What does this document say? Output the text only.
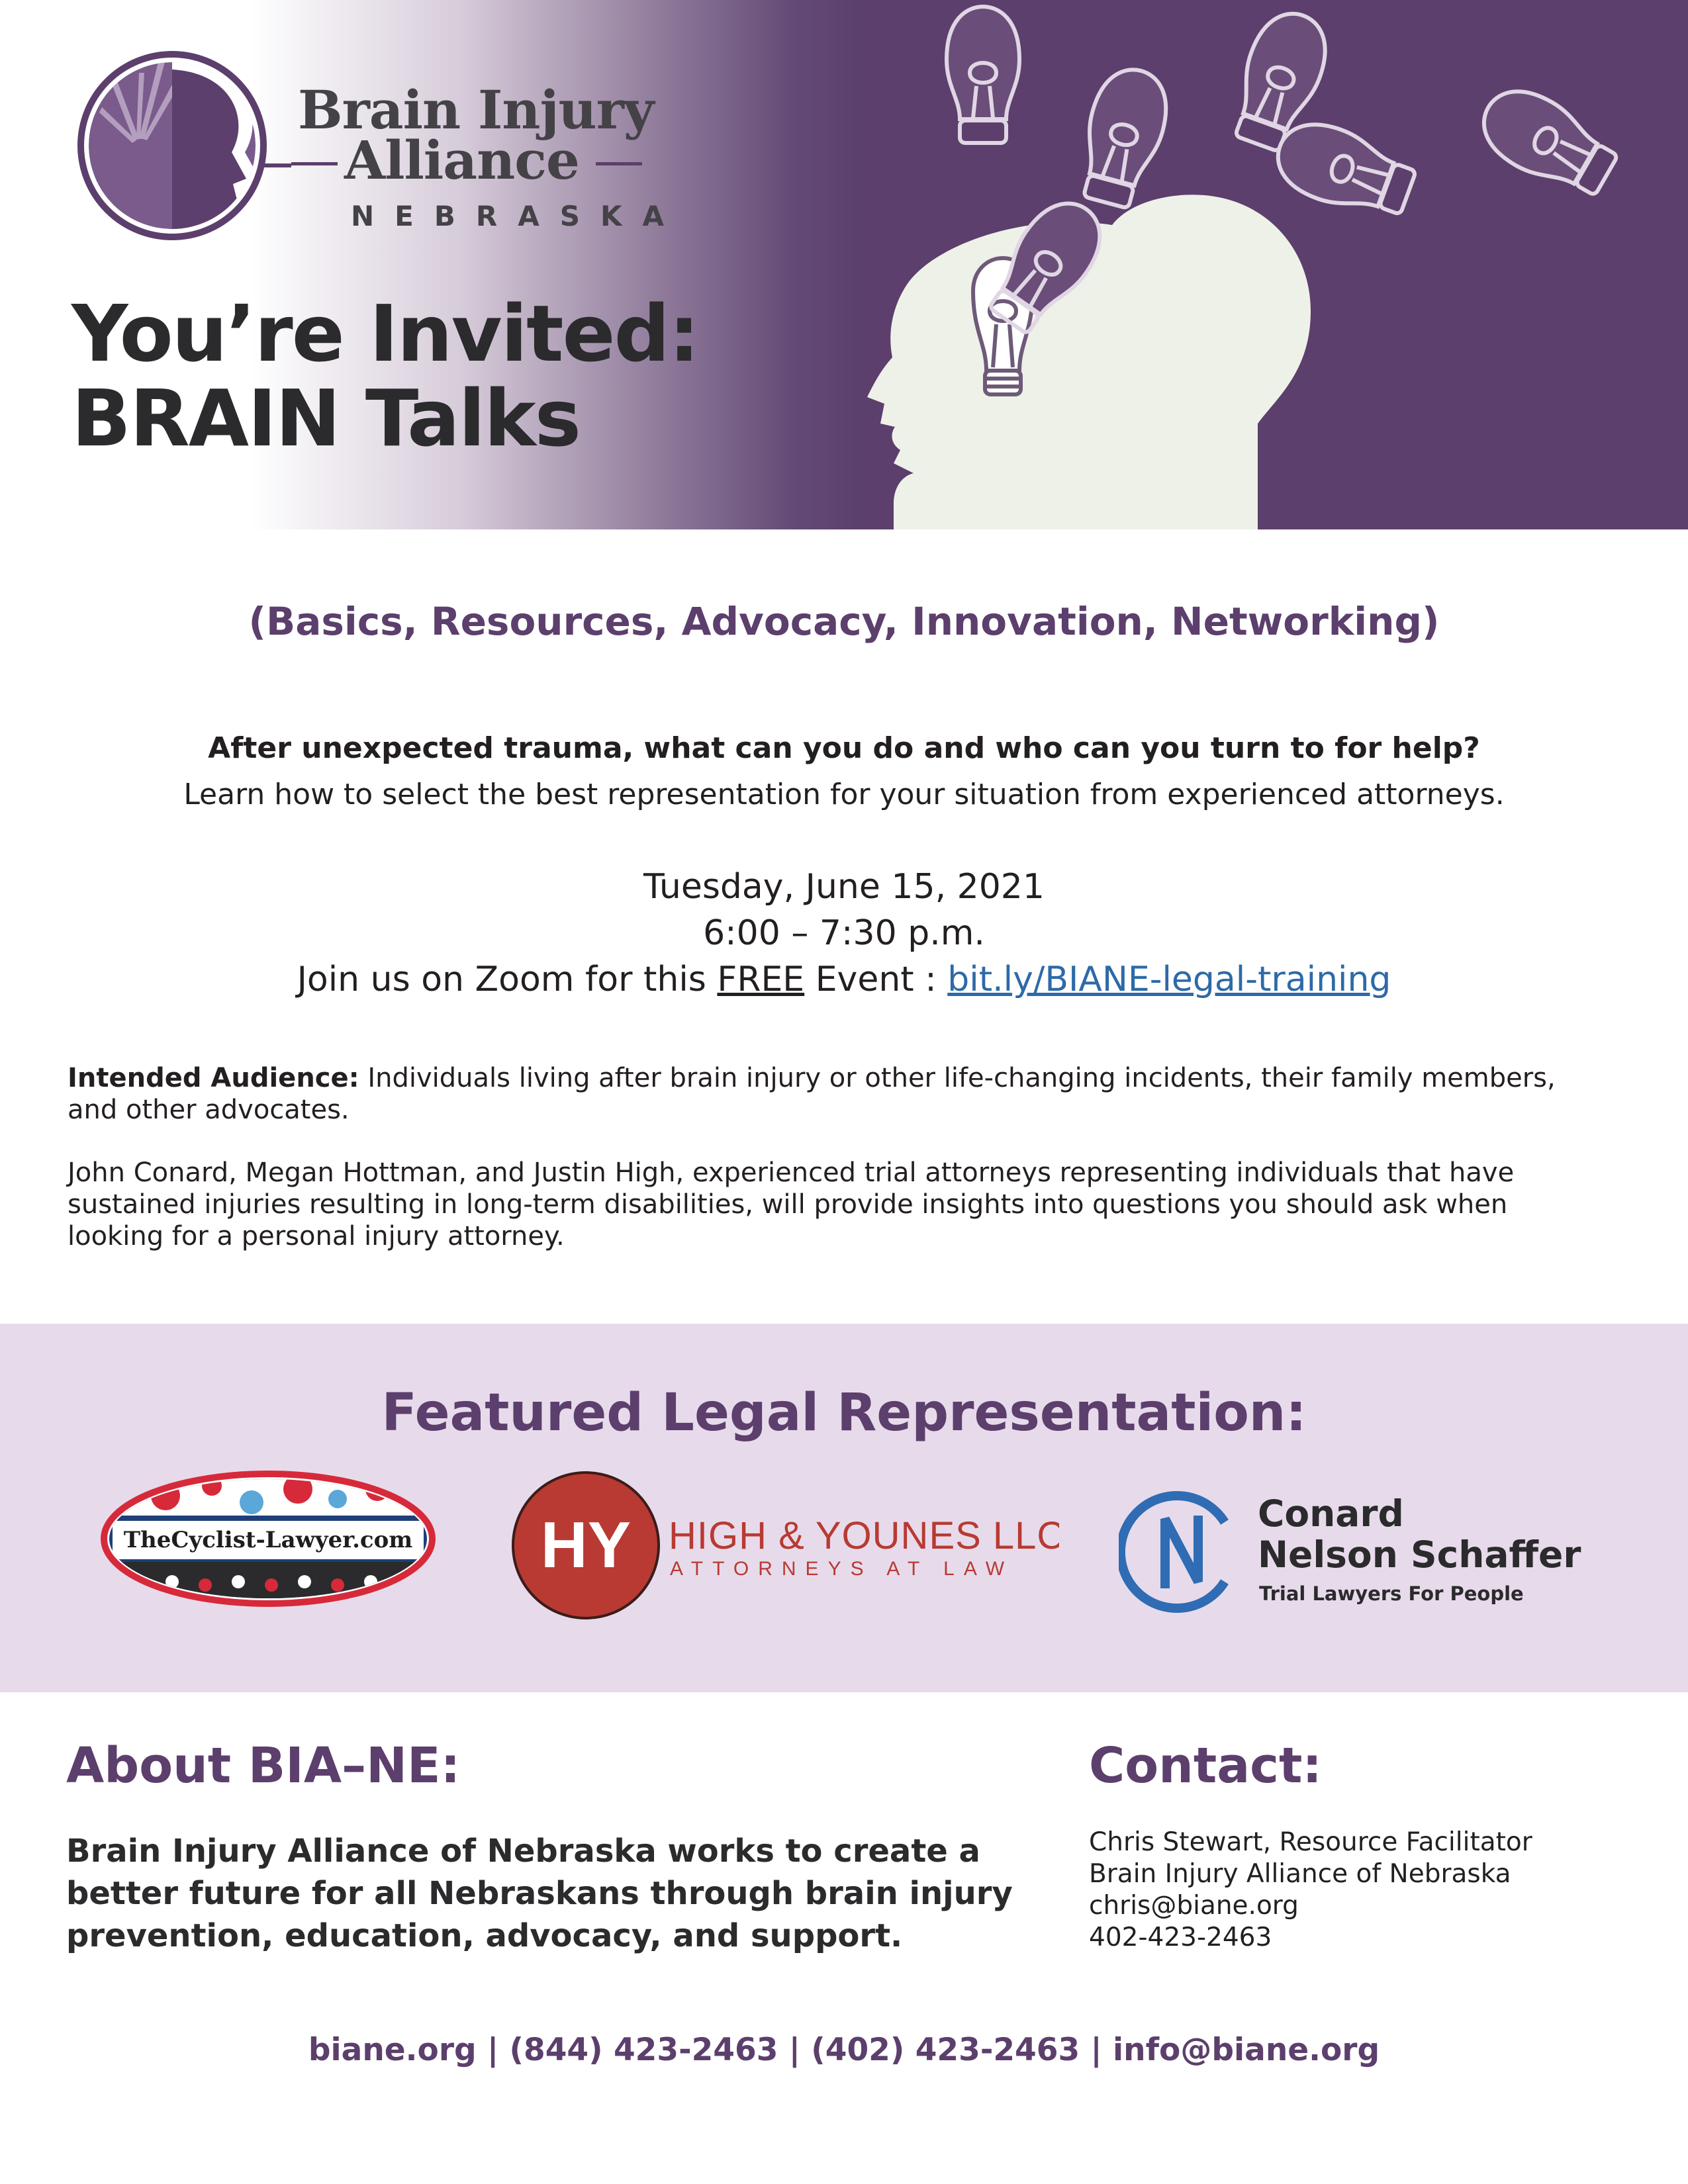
Brain Injury
Alliance
NEBRASKA
You’re Invited:
BRAIN Talks
(Basics, Resources, Advocacy, Innovation, Networking)
After unexpected trauma, what can you do and who can you turn to for help?
Learn how to select the best representation for your situation from experienced attorneys.
Tuesday, June 15, 2021
6:00 – 7:30 p.m.
Join us on Zoom for this FREE Event : bit.ly/BIANE-legal-training
Intended Audience: Individuals living after brain injury or other life-changing incidents, their family members, and other advocates.
John Conard, Megan Hottman, and Justin High, experienced trial attorneys representing individuals that have sustained injuries resulting in long-term disabilities, will provide insights into questions you should ask when looking for a personal injury attorney.
Featured Legal Representation:
TheCyclist-Lawyer.com HY HIGH & YOUNES LLC
ATTORNEYS AT LAW
Conard
Nelson Schaffer
Trial Lawyers For People
About BIA–NE:
Brain Injury Alliance of Nebraska works to create a
better future for all Nebraskans through brain injury
prevention, education, advocacy, and support.
Contact:
Chris Stewart, Resource Facilitator
Brain Injury Alliance of Nebraska
chris@biane.org
402-423-2463
biane.org | (844) 423-2463 | (402) 423-2463 | info@biane.org
